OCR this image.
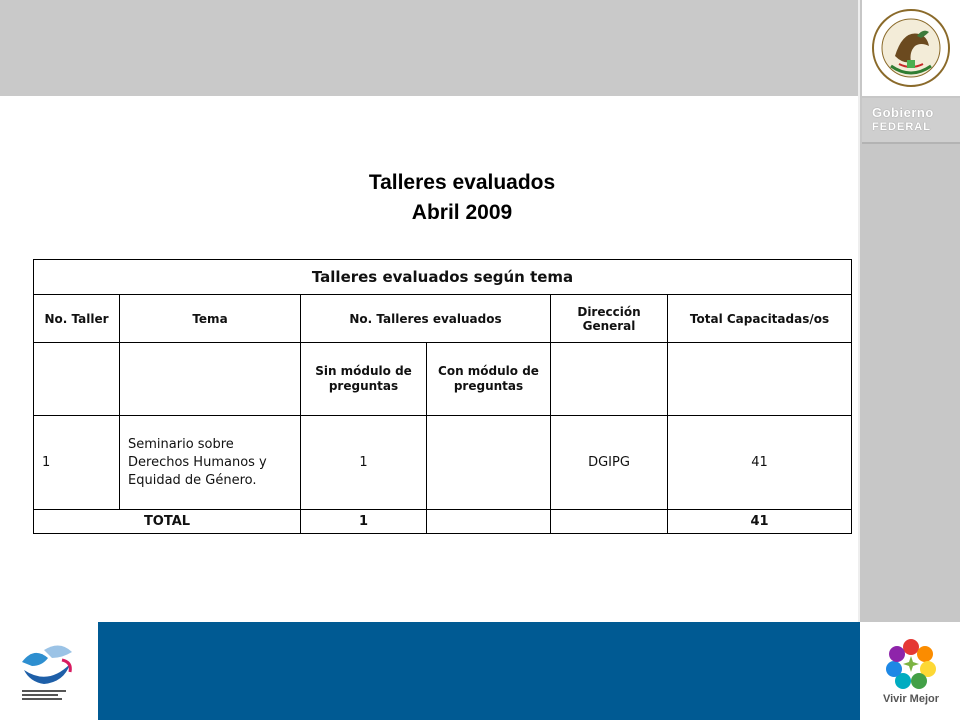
Gobierno
FEDERAL
Talleres evaluados
Abril 2009
Talleres evaluados según tema					
No. Taller	Tema	No. Talleres evaluados		Dirección General	Total Capacitadas/os
		Sin módulo de preguntas	Con módulo de preguntas		
1	Seminario sobre Derechos Humanos y Equidad de Género.	1		DGIPG	41
TOTAL		1			41
Vivir Mejor
